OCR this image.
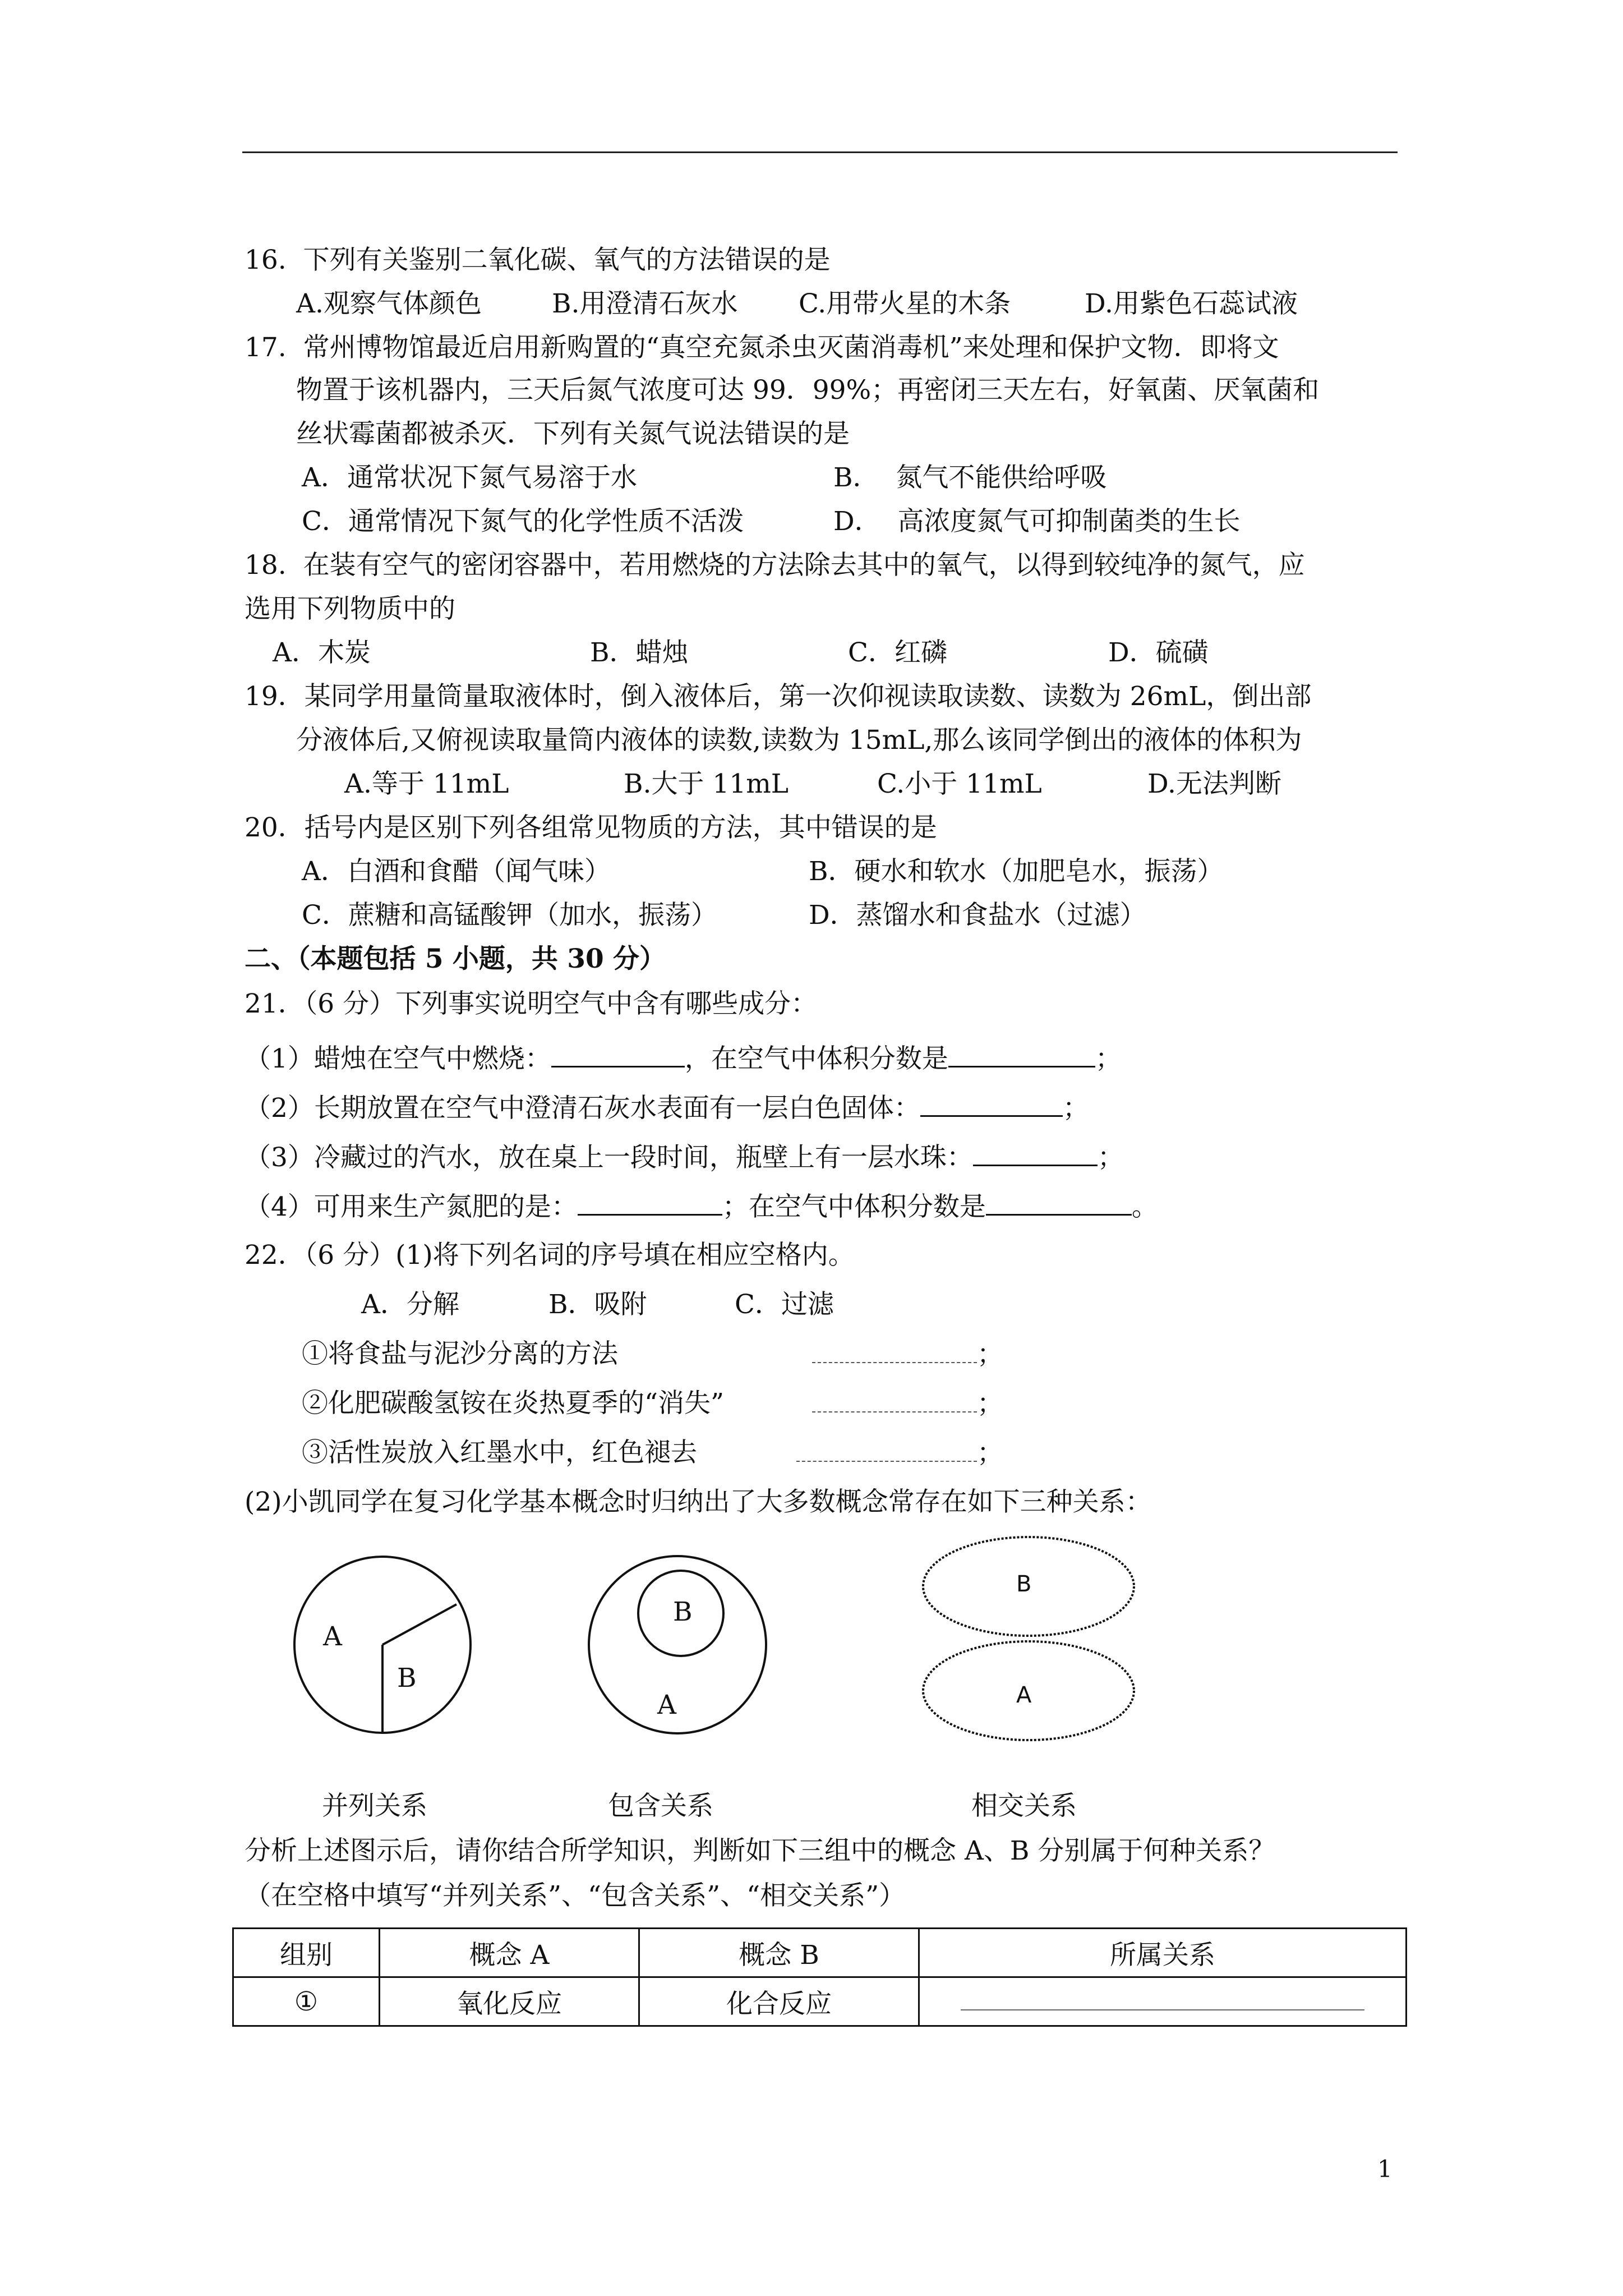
16.  下列有关鉴别二氧化碳、氧气的方法错误的是
A.观察气体颜色	B.用澄清石灰水 C.用带火星的木条	D.用紫色石蕊试液
17.  常州博物馆最近启用新购置的“真空充氮杀虫灭菌消毒机”来处理和保护文物．即将文
物置于该机器内，三天后氮气浓度可达 99．99%；再密闭三天左右，好氧菌、厌氧菌和
丝状霉菌都被杀灭．下列有关氮气说法错误的是
A．通常状况下氮气易溶于水	B．  氮气不能供给呼吸
C．通常情况下氮气的化学性质不活泼	D．  高浓度氮气可抑制菌类的生长
18.  在装有空气的密闭容器中，若用燃烧的方法除去其中的氧气，以得到较纯净的氮气，应
选用下列物质中的
A．木炭	B．蜡烛	C．红磷	D．硫磺
19．某同学用量筒量取液体时，倒入液体后，第一次仰视读取读数、读数为 26mL，倒出部
分液体后,又俯视读取量筒内液体的读数,读数为 15mL,那么该同学倒出的液体的体积为
A.等于 11mL	B.大于 11mL	C.小于 11mL	D.无法判断
20．括号内是区别下列各组常见物质的方法，其中错误的是
A．白酒和食醋（闻气味）	B．硬水和软水（加肥皂水，振荡）
C．蔗糖和高锰酸钾（加水，振荡）	D．蒸馏水和食盐水（过滤）
二、（本题包括 5 小题，共 30 分）
21．（6 分）下列事实说明空气中含有哪些成分：
（1）蜡烛在空气中燃烧：	，在空气中体积分数是	；
（2）长期放置在空气中澄清石灰水表面有一层白色固体：	；
（3）冷藏过的汽水，放在桌上一段时间，瓶壁上有一层水珠：	；
（4）可用来生产氮肥的是：	；在空气中体积分数是	。
22．（6 分）(1)将下列名词的序号填在相应空格内。
A．分解	B．吸附	C．过滤
①将食盐与泥沙分离的方法	；
②化肥碳酸氢铵在炎热夏季的“消失”	；
③活性炭放入红墨水中，红色褪去	；
(2)小凯同学在复习化学基本概念时归纳出了大多数概念常存在如下三种关系：
A
B
B
A
B
A
并列关系	包含关系	相交关系
分析上述图示后，请你结合所学知识，判断如下三组中的概念 A、B 分别属于何种关系？
（在空格中填写“并列关系”、“包含关系”、“相交关系”）
组别	概念 A	概念 B	所属关系
①	氧化反应	化合反应	
1
